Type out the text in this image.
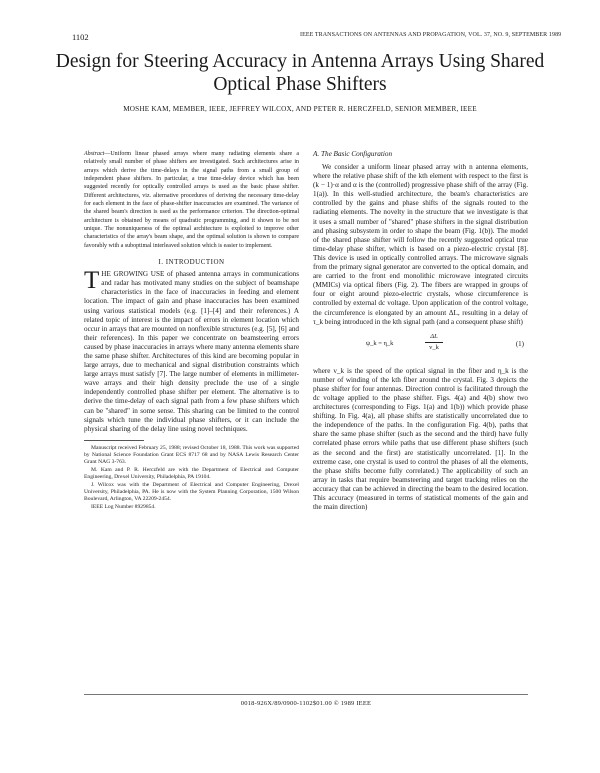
1102	IEEE TRANSACTIONS ON ANTENNAS AND PROPAGATION, VOL. 37, NO. 9, SEPTEMBER 1989
Design for Steering Accuracy in Antenna Arrays Using Shared Optical Phase Shifters
MOSHE KAM, MEMBER, IEEE, JEFFREY WILCOX, AND PETER R. HERCZFELD, SENIOR MEMBER, IEEE

Abstract—Uniform linear phased arrays where many radiating elements share a relatively small number of phase shifters are investigated. Such architectures arise in arrays which derive the time-delays in the signal paths from a small group of independent phase shifters. In particular, a true time-delay device which has been suggested recently for optically controlled arrays is used as the basic phase shifter. Different architectures, viz. alternative procedures of deriving the necessary time-delay for each element in the face of phase-shifter inaccuracies are examined. The variance of the shared beam's direction is used as the performance criterion. The direction-optimal architecture is obtained by means of quadratic programming, and it shown to be not unique. The nonuniqueness of the optimal architecture is exploited to improve other characteristics of the array's beam shape, and the optimal solution is shown to compare favorably with a suboptimal interleaved solution which is easier to implement.

I. INTRODUCTION

THE GROWING USE of phased antenna arrays in communications and radar has motivated many studies on the subject of beamshape characteristics in the face of inaccuracies in feeding and element location. The impact of gain and phase inaccuracies has been examined using various statistical models (e.g. [1]–[4] and their references.) A related topic of interest is the impact of errors in element location which occur in arrays that are mounted on nonflexible structures (e.g. [5], [6] and their references). In this paper we concentrate on beamsteering errors caused by phase inaccuracies in arrays where many antenna elements share the same phase shifter. Architectures of this kind are becoming popular in large arrays, due to mechanical and signal distribution constraints which large arrays must satisfy [7]. The large number of elements in millimeter-wave arrays and their high density preclude the use of a single independently controlled phase shifter per element. The alternative is to derive the time-delay of each signal path from a few phase shifters which can be "shared" in some sense. This sharing can be limited to the control signals which tune the individual phase shifters, or it can include the physical sharing of the delay line using novel techniques.

Manuscript received February 25, 1988; revised October 18, 1988. This work was supported by National Science Foundation Grant ECS 8717 68 and by NASA Lewis Research Center Grant NAG 3-763.

M. Kam and P. R. Herczfeld are with the Department of Electrical and Computer Engineering, Drexel University, Philadelphia, PA 19104.

J. Wilcox was with the Department of Electrical and Computer Engineering, Drexel University, Philadelphia, PA. He is now with the System Planning Corporation, 1500 Wilson Boulevard, Arlington, VA 22209-2454.

IEEE Log Number 8929854.

A. The Basic Configuration

We consider a uniform linear phased array with n antenna elements, where the relative phase shift of the kth element with respect to the first is (k − 1)·α and α is the (controlled) progressive phase shift of the array (Fig. 1(a)). In this well-studied architecture, the beam's characteristics are controlled by the gains and phase shifts of the signals routed to the radiating elements. The novelty in the structure that we investigate is that it uses a small number of "shared" phase shifters in the signal distribution and phasing subsystem in order to shape the beam (Fig. 1(b)). The model of the shared phase shifter will follow the recently suggested optical true time-delay phase shifter, which is based on a piezo-electric crystal [8]. This device is used in optically controlled arrays. The microwave signals from the primary signal generator are converted to the optical domain, and are carried to the front end monolithic microwave integrated circuits (MMICs) via optical fibers (Fig. 2). The fibers are wrapped in groups of four or eight around piezo-electric crystals, whose circumference is controlled by external dc voltage. Upon application of the control voltage, the circumference is elongated by an amount ΔL, resulting in a delay of τ_k being introduced in the kth signal path (and a consequent phase shift)

ψ_k = η_k	$\frac{\Delta L}{v\_k}$	(1)

where v_k is the speed of the optical signal in the fiber and η_k is the number of winding of the kth fiber around the crystal. Fig. 3 depicts the phase shifter for four antennas. Direction control is facilitated through the dc voltage applied to the phase shifter. Figs. 4(a) and 4(b) show two architectures (corresponding to Figs. 1(a) and 1(b)) which provide phase shifting. In Fig. 4(a), all phase shifts are statistically uncorrelated due to the independence of the paths. In the configuration Fig. 4(b), paths that share the same phase shifter (such as the second and the third) have fully correlated phase errors while paths that use different phase shifters (such as the second and the first) are statistically uncorrelated. [1]. In the extreme case, one crystal is used to control the phases of all the elements, the phase shifts become fully correlated.) The applicability of such an array in tasks that require beamsteering and target tracking relies on the accuracy that can be achieved in directing the beam to the desired location. This accuracy (measured in terms of statistical moments of the gain and the main direction)

0018-926X/89/0900-1102$01.00 © 1989 IEEE
